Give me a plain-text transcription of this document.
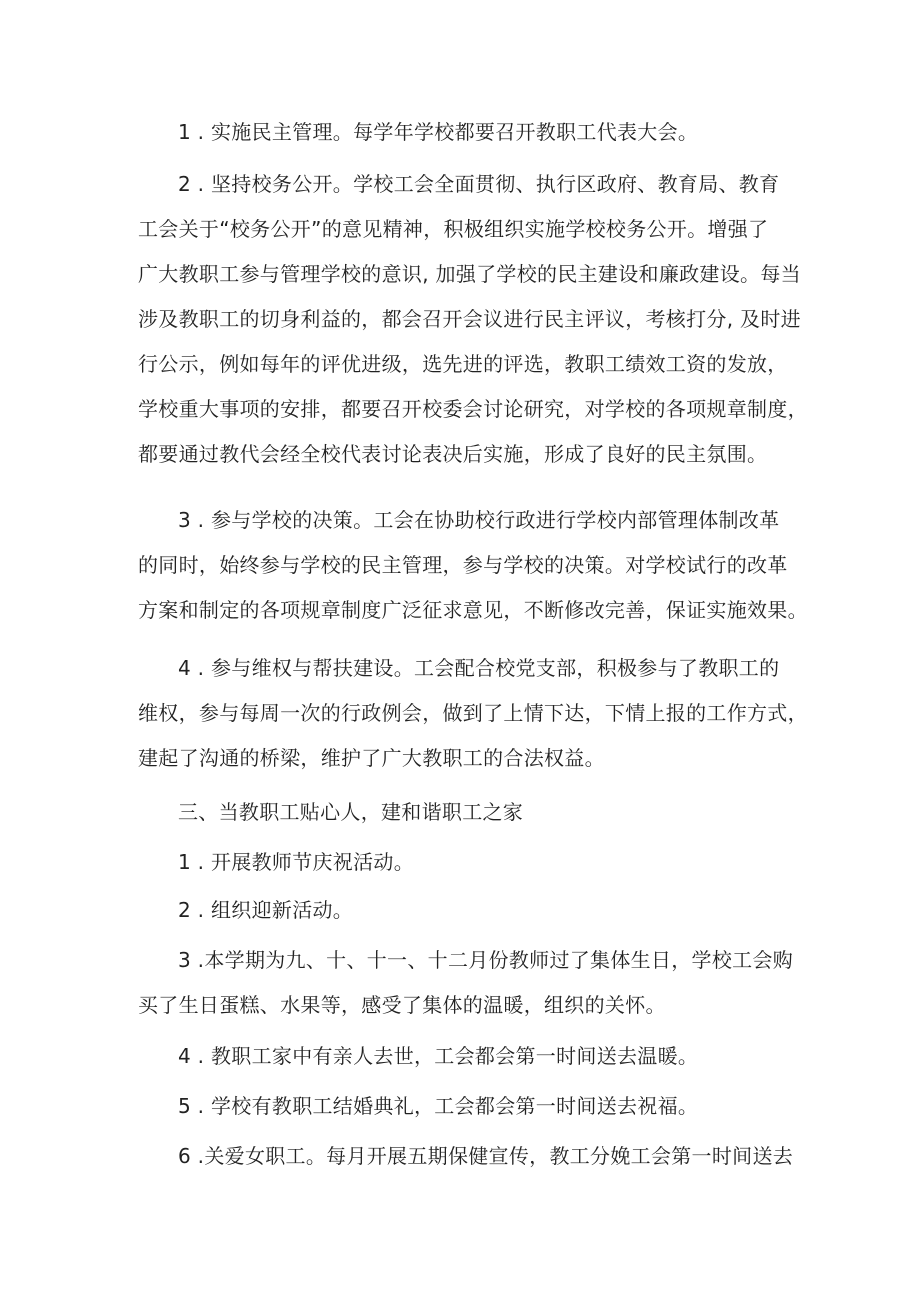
1 . 实施民主管理。每学年学校都要召开教职工代表大会。
2 . 坚持校务公开。学校工会全面贯彻、执行区政府、教育局、教育
工会关于“校务公开”的意见精神，积极组织实施学校校务公开。增强了
广大教职工参与管理学校的意识, 加强了学校的民主建设和廉政建设。每当
涉及教职工的切身利益的，都会召开会议进行民主评议，考核打分, 及时进
行公示，例如每年的评优进级，选先进的评选，教职工绩效工资的发放，
学校重大事项的安排，都要召开校委会讨论研究，对学校的各项规章制度，
都要通过教代会经全校代表讨论表决后实施，形成了良好的民主氛围。
3 . 参与学校的决策。工会在协助校行政进行学校内部管理体制改革
的同时，始终参与学校的民主管理，参与学校的决策。对学校试行的改革
方案和制定的各项规章制度广泛征求意见，不断修改完善，保证实施效果。
4 . 参与维权与帮扶建设。工会配合校党支部，积极参与了教职工的
维权，参与每周一次的行政例会，做到了上情下达，下情上报的工作方式，
建起了沟通的桥梁，维护了广大教职工的合法权益。
三、当教职工贴心人，建和谐职工之家
1 . 开展教师节庆祝活动。
2 . 组织迎新活动。
3 .本学期为九、十、十一、十二月份教师过了集体生日，学校工会购
买了生日蛋糕、水果等，感受了集体的温暖，组织的关怀。
4 . 教职工家中有亲人去世，工会都会第一时间送去温暖。
5 . 学校有教职工结婚典礼，工会都会第一时间送去祝福。
6 .关爱女职工。每月开展五期保健宣传，教工分娩工会第一时间送去
